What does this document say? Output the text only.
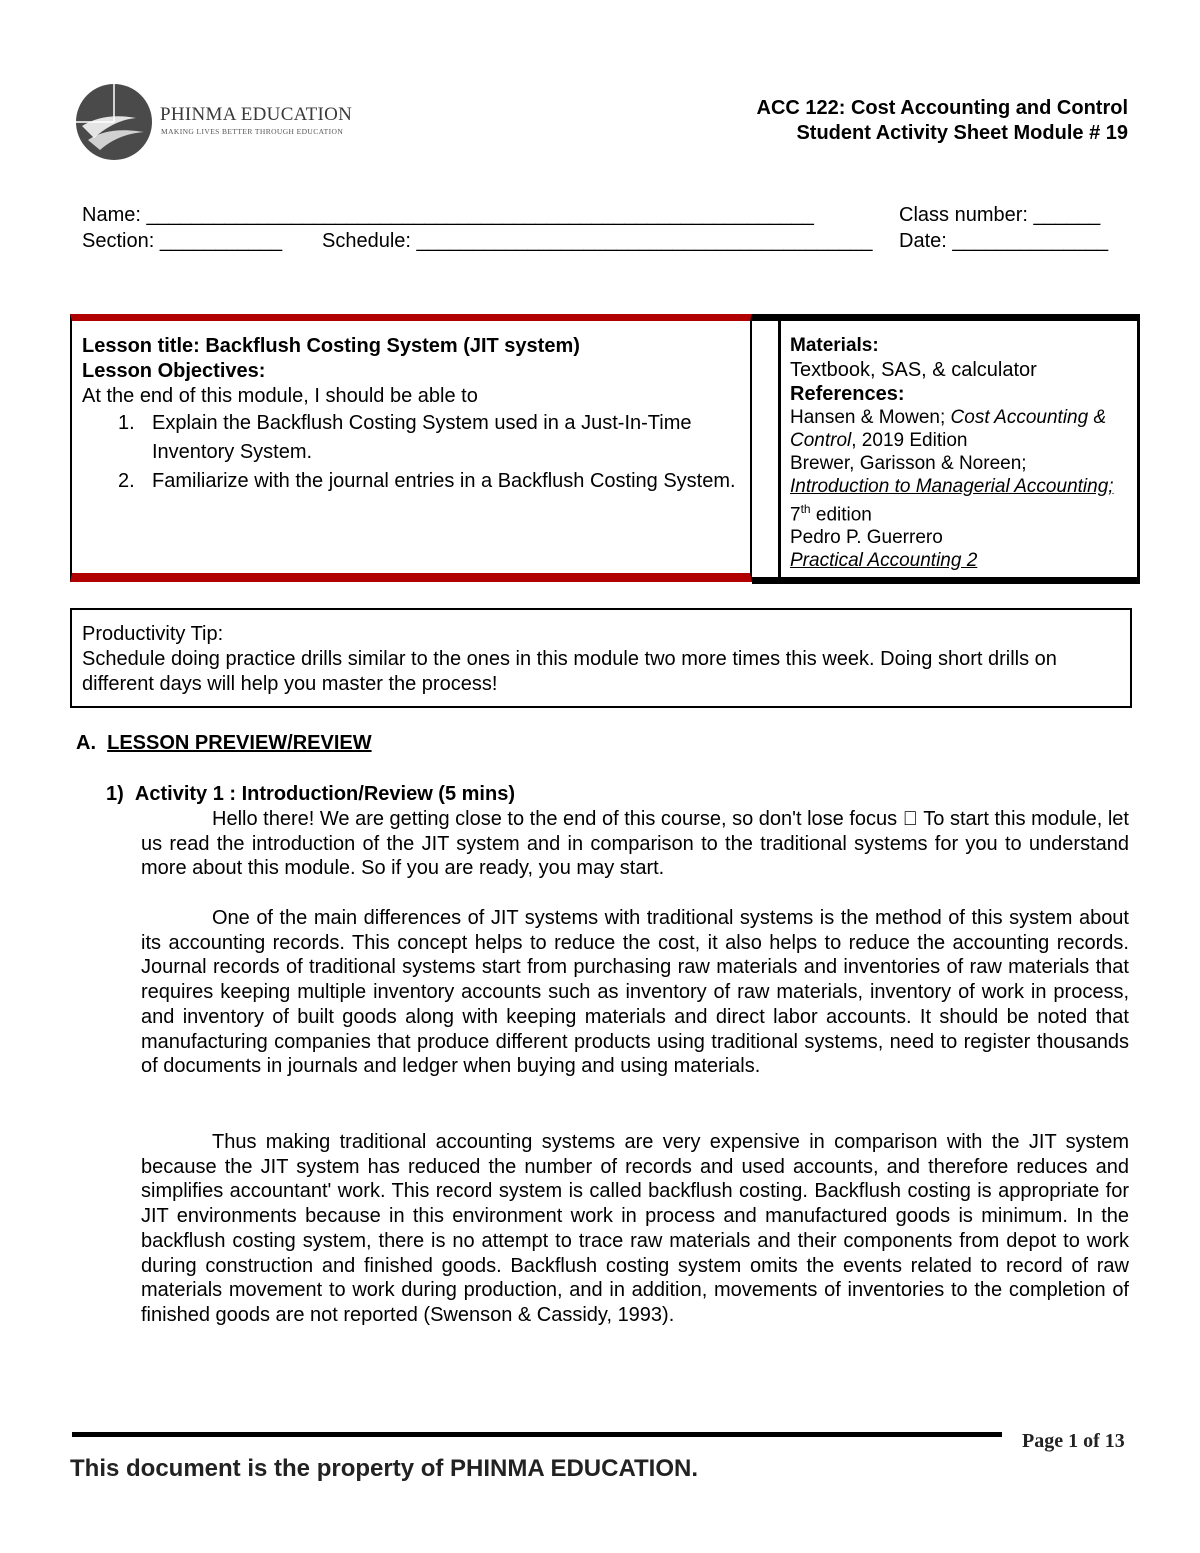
PHINMA EDUCATION
MAKING LIVES BETTER THROUGH EDUCATION
ACC 122: Cost Accounting and Control
Student Activity Sheet Module # 19
Name: ____________________________________________________________	Class number: ______
Section: ___________ Schedule: _________________________________________ Date: ______________
Lesson title: Backflush Costing System (JIT system)
Lesson Objectives:
At the end of this module, I should be able to
1. Explain the Backflush Costing System used in a Just-In-Time Inventory System.
2. Familiarize with the journal entries in a Backflush Costing System.
Materials:
Textbook, SAS, & calculator
References:
Hansen & Mowen; Cost Accounting & Control, 2019 Edition
Brewer, Garisson & Noreen;
Introduction to Managerial Accounting;
7th edition
Pedro P. Guerrero
Practical Accounting 2
Productivity Tip:
Schedule doing practice drills similar to the ones in this module two more times this week. Doing short drills on different days will help you master the process!
A. LESSON PREVIEW/REVIEW
1) Activity 1 : Introduction/Review (5 mins)
Hello there! We are getting close to the end of this course, so don't lose focus To start this module, let us read the introduction of the JIT system and in comparison to the traditional systems for you to understand more about this module. So if you are ready, you may start.
One of the main differences of JIT systems with traditional systems is the method of this system about its accounting records. This concept helps to reduce the cost, it also helps to reduce the accounting records. Journal records of traditional systems start from purchasing raw materials and inventories of raw materials that requires keeping multiple inventory accounts such as inventory of raw materials, inventory of work in process, and inventory of built goods along with keeping materials and direct labor accounts. It should be noted that manufacturing companies that produce different products using traditional systems, need to register thousands of documents in journals and ledger when buying and using materials.
Thus making traditional accounting systems are very expensive in comparison with the JIT system because the JIT system has reduced the number of records and used accounts, and therefore reduces and simplifies accountant' work. This record system is called backflush costing. Backflush costing is appropriate for JIT environments because in this environment work in process and manufactured goods is minimum. In the backflush costing system, there is no attempt to trace raw materials and their components from depot to work during construction and finished goods. Backflush costing system omits the events related to record of raw materials movement to work during production, and in addition, movements of inventories to the completion of finished goods are not reported (Swenson & Cassidy, 1993).
Page 1 of 13
This document is the property of PHINMA EDUCATION.
